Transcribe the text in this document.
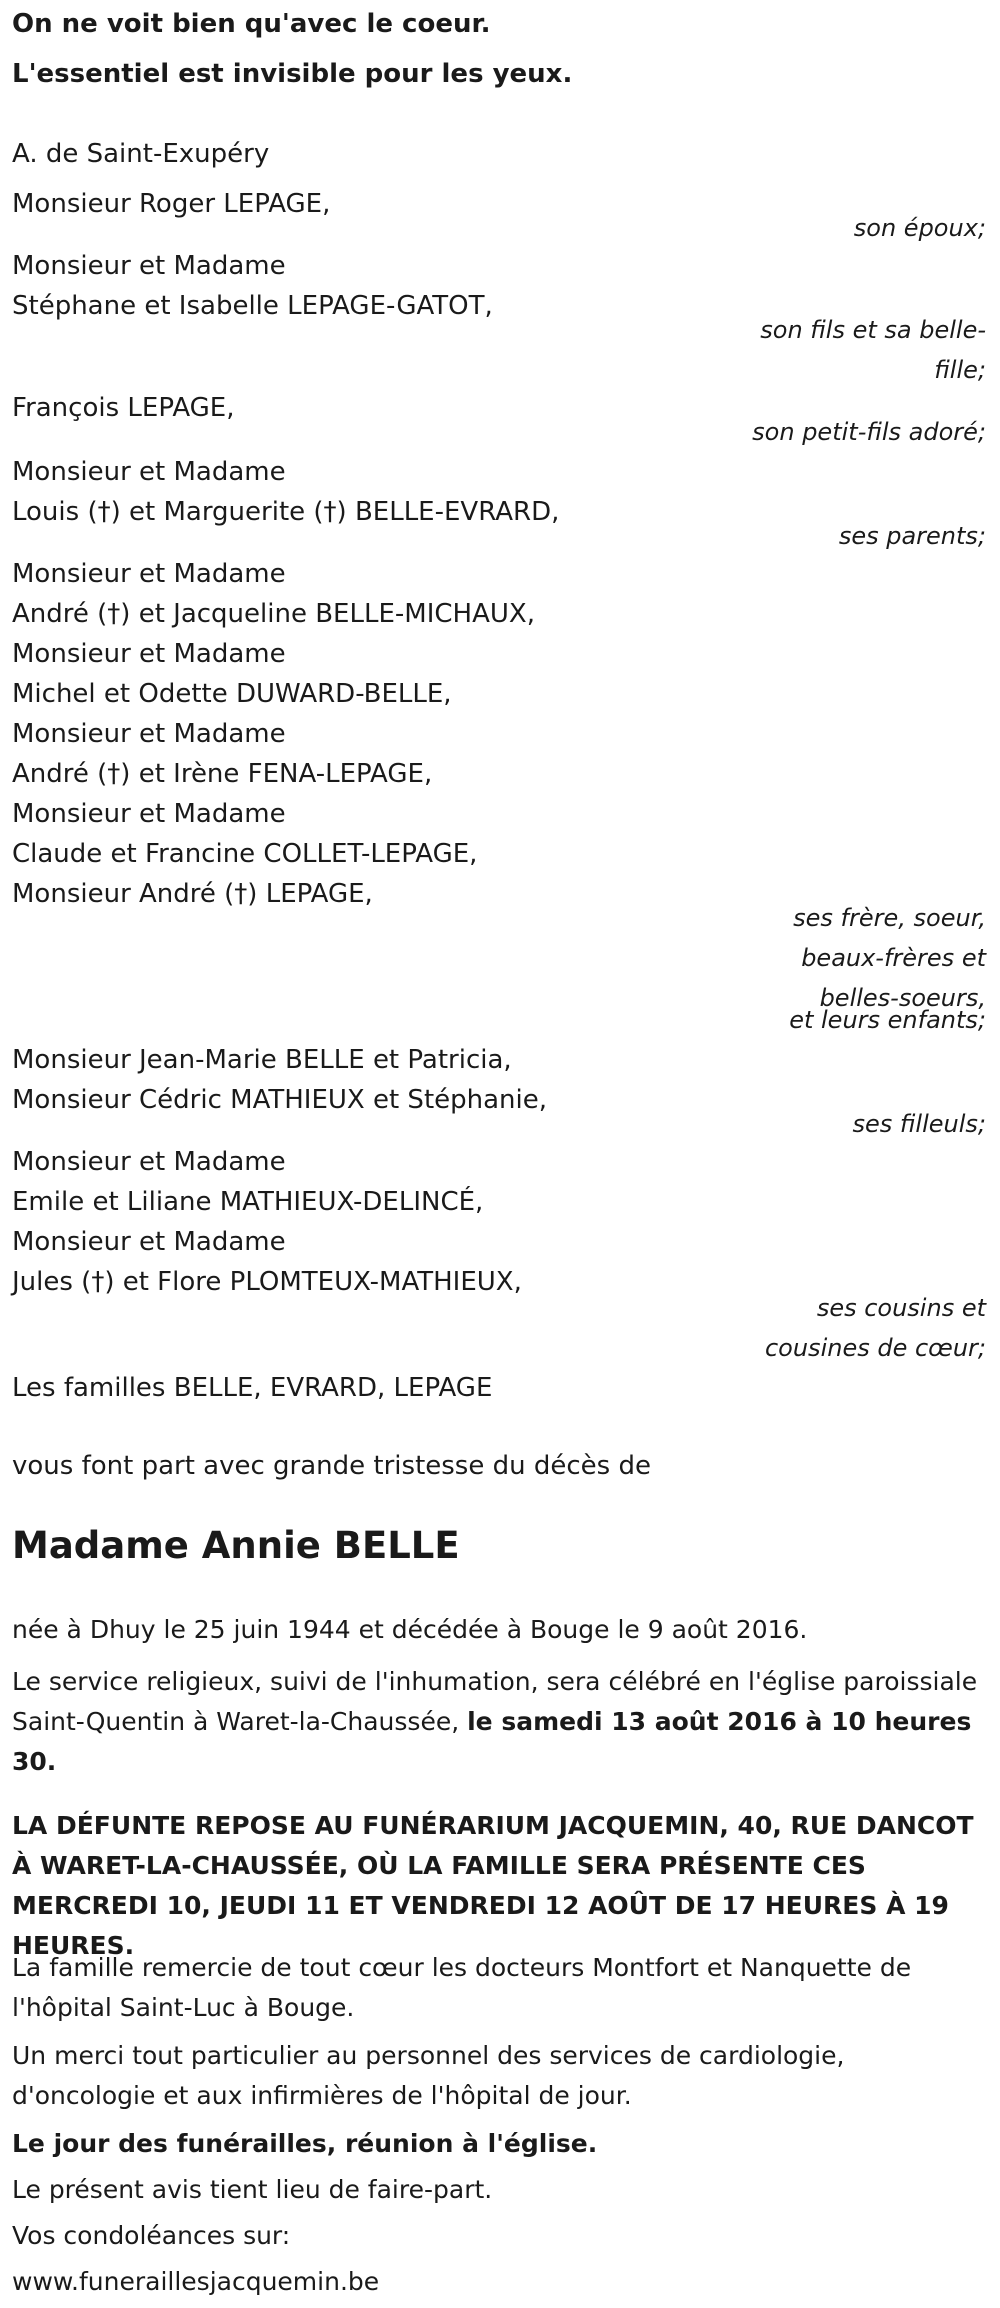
On ne voit bien qu'avec le coeur.
L'essentiel est invisible pour les yeux.
A. de Saint-Exupéry
Monsieur Roger LEPAGE,
son époux;
Monsieur et Madame
Stéphane et Isabelle LEPAGE-GATOT,
son fils et sa belle-
fille;
François LEPAGE,
son petit-fils adoré;
Monsieur et Madame
Louis (†) et Marguerite (†) BELLE-EVRARD,
ses parents;
Monsieur et Madame
André (†) et Jacqueline BELLE-MICHAUX,
Monsieur et Madame
Michel et Odette DUWARD-BELLE,
Monsieur et Madame
André (†) et Irène FENA-LEPAGE,
Monsieur et Madame
Claude et Francine COLLET-LEPAGE,
Monsieur André (†) LEPAGE,
ses frère, soeur,
beaux-frères et
belles-soeurs,
et leurs enfants;
Monsieur Jean-Marie BELLE et Patricia,
Monsieur Cédric MATHIEUX et Stéphanie,
ses filleuls;
Monsieur et Madame
Emile et Liliane MATHIEUX-DELINCÉ,
Monsieur et Madame
Jules (†) et Flore PLOMTEUX-MATHIEUX,
ses cousins et
cousines de cœur;
Les familles BELLE, EVRARD, LEPAGE
vous font part avec grande tristesse du décès de
Madame Annie BELLE
née à Dhuy le 25 juin 1944 et décédée à Bouge le 9 août 2016.
Le service religieux, suivi de l'inhumation, sera célébré en l'église paroissiale Saint-Quentin à Waret-la-Chaussée, le samedi 13 août 2016 à 10 heures 30.
LA DÉFUNTE REPOSE AU FUNÉRARIUM JACQUEMIN, 40, RUE DANCOT À WARET-LA-CHAUSSÉE, OÙ LA FAMILLE SERA PRÉSENTE CES MERCREDI 10, JEUDI 11 ET VENDREDI 12 AOÛT DE 17 HEURES À 19 HEURES.
La famille remercie de tout cœur les docteurs Montfort et Nanquette de l'hôpital Saint-Luc à Bouge.
Un merci tout particulier au personnel des services de cardiologie, d'oncologie et aux infirmières de l'hôpital de jour.
Le jour des funérailles, réunion à l'église.
Le présent avis tient lieu de faire-part.
Vos condoléances sur:
www.funeraillesjacquemin.be
